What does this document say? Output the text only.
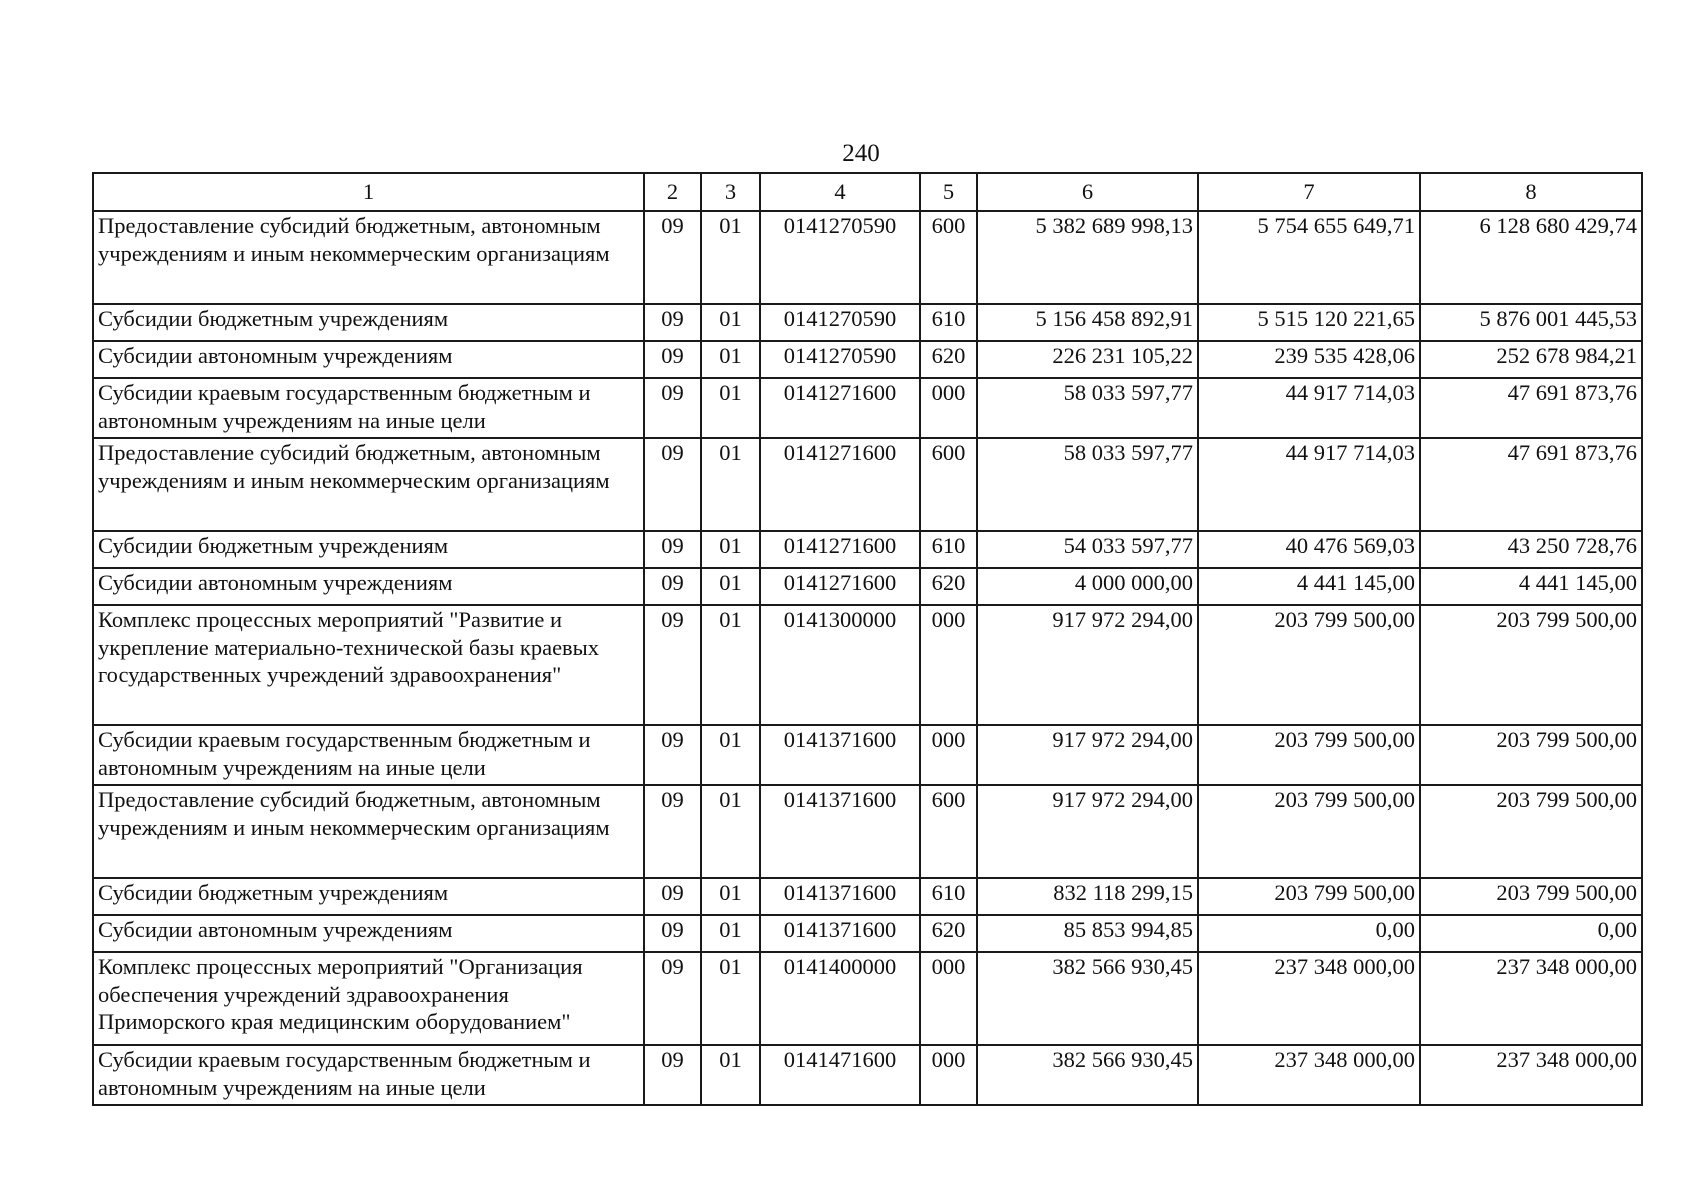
240
1	2	3	4	5	6	7	8
Предоставление субсидий бюджетным, автономным учреждениям и иным некоммерческим организациям	09	01	0141270590	600	5 382 689 998,13	5 754 655 649,71	6 128 680 429,74
Субсидии бюджетным учреждениям	09	01	0141270590	610	5 156 458 892,91	5 515 120 221,65	5 876 001 445,53
Субсидии автономным учреждениям	09	01	0141270590	620	226 231 105,22	239 535 428,06	252 678 984,21
Субсидии краевым государственным бюджетным и автономным учреждениям на иные цели	09	01	0141271600	000	58 033 597,77	44 917 714,03	47 691 873,76
Предоставление субсидий бюджетным, автономным учреждениям и иным некоммерческим организациям	09	01	0141271600	600	58 033 597,77	44 917 714,03	47 691 873,76
Субсидии бюджетным учреждениям	09	01	0141271600	610	54 033 597,77	40 476 569,03	43 250 728,76
Субсидии автономным учреждениям	09	01	0141271600	620	4 000 000,00	4 441 145,00	4 441 145,00
Комплекс процессных мероприятий "Развитие и укрепление материально-технической базы краевых государственных учреждений здравоохранения"	09	01	0141300000	000	917 972 294,00	203 799 500,00	203 799 500,00
Субсидии краевым государственным бюджетным и автономным учреждениям на иные цели	09	01	0141371600	000	917 972 294,00	203 799 500,00	203 799 500,00
Предоставление субсидий бюджетным, автономным учреждениям и иным некоммерческим организациям	09	01	0141371600	600	917 972 294,00	203 799 500,00	203 799 500,00
Субсидии бюджетным учреждениям	09	01	0141371600	610	832 118 299,15	203 799 500,00	203 799 500,00
Субсидии автономным учреждениям	09	01	0141371600	620	85 853 994,85	0,00	0,00
Комплекс процессных мероприятий "Организация обеспечения учреждений здравоохранения Приморского края медицинским оборудованием"	09	01	0141400000	000	382 566 930,45	237 348 000,00	237 348 000,00
Субсидии краевым государственным бюджетным и автономным учреждениям на иные цели	09	01	0141471600	000	382 566 930,45	237 348 000,00	237 348 000,00
